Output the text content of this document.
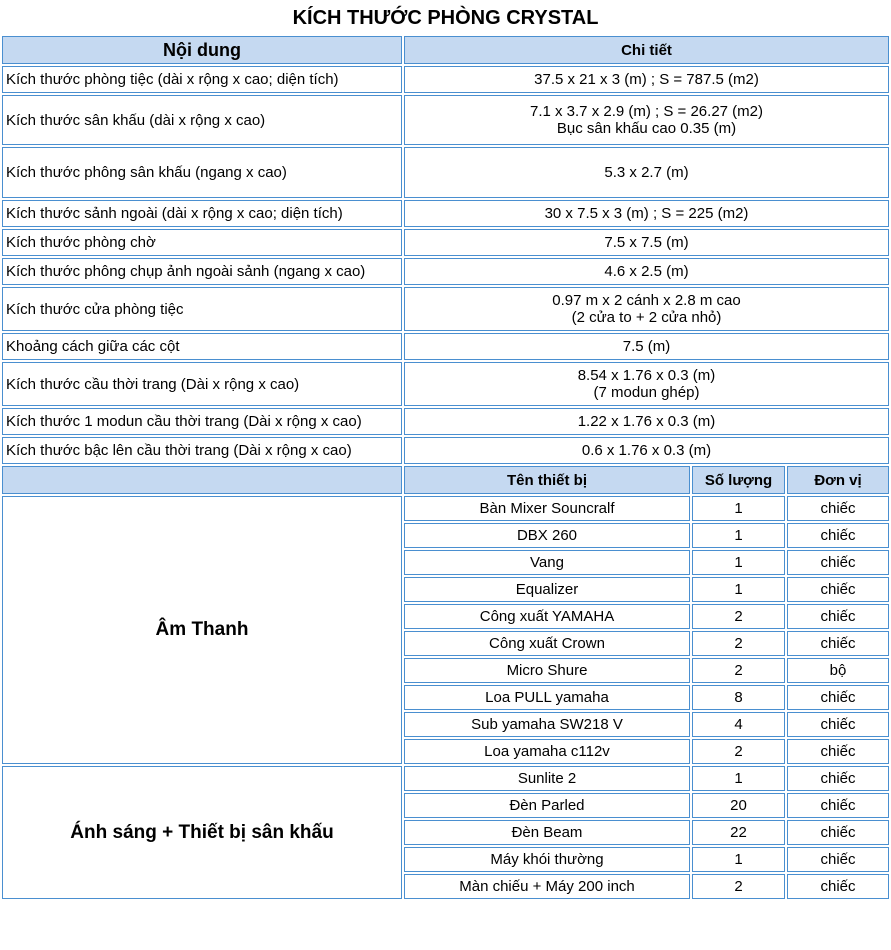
KÍCH THƯỚC PHÒNG CRYSTAL			
Nội dung	Chi tiết		
Kích thước phòng tiệc (dài x rộng x cao; diện tích)	37.5 x 21 x 3 (m) ; S = 787.5 (m2)		
Kích thước sân khấu (dài x rộng x cao)	7.1 x 3.7 x 2.9 (m) ; S = 26.27 (m2)
Bục sân khấu cao 0.35 (m)		
Kích thước phông sân khấu (ngang x cao)	5.3 x 2.7 (m)		
Kích thước sảnh ngoài (dài x rộng x cao; diện tích)	30 x 7.5 x 3 (m) ; S = 225 (m2)		
Kích thước phòng chờ	7.5 x 7.5 (m)		
Kích thước phông chụp ảnh ngoài sảnh (ngang x cao)	4.6 x 2.5 (m)		
Kích thước cửa phòng tiệc	0.97 m x 2 cánh x 2.8 m cao
(2 cửa to + 2 cửa nhỏ)		
Khoảng cách giữa các cột	7.5 (m)		
Kích thước cầu thời trang (Dài x rộng x cao)	8.54 x 1.76 x 0.3 (m)
(7 modun ghép)		
Kích thước 1 modun cầu thời trang (Dài x rộng x cao)	1.22 x 1.76 x 0.3 (m)		
Kích thước bậc lên cầu thời trang (Dài x rộng x cao)	0.6 x 1.76 x 0.3 (m)		
	Tên thiết bị	Số lượng	Đơn vị
Âm Thanh	Bàn Mixer Souncralf	1	chiếc
	DBX 260	1	chiếc
	Vang	1	chiếc
	Equalizer	1	chiếc
	Công xuất YAMAHA	2	chiếc
	Công xuất Crown	2	chiếc
	Micro Shure	2	bộ
	Loa PULL yamaha	8	chiếc
	Sub yamaha SW218 V	4	chiếc
	Loa yamaha c112v	2	chiếc
Ánh sáng + Thiết bị sân khấu	Sunlite 2	1	chiếc
	Đèn Parled	20	chiếc
	Đèn Beam	22	chiếc
	Máy khói thường	1	chiếc
	Màn chiếu + Máy 200 inch	2	chiếc
